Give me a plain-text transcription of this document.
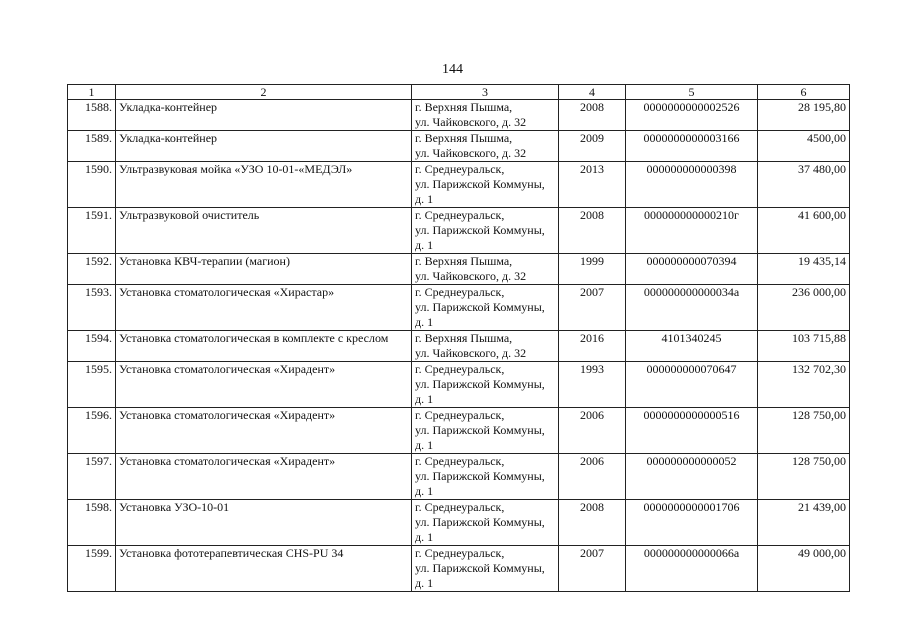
144
1	2	3	4	5	6
1588.	Укладка-контейнер	г. Верхняя Пышма,
ул. Чайковского, д. 32	2008	0000000000002526	28 195,80
1589.	Укладка-контейнер	г. Верхняя Пышма,
ул. Чайковского, д. 32	2009	0000000000003166	4500,00
1590.	Ультразвуковая мойка «УЗО 10-01-«МЕДЭЛ»	г. Среднеуральск,
ул. Парижской Коммуны,
д. 1	2013	000000000000398	37 480,00
1591.	Ультразвуковой очиститель	г. Среднеуральск,
ул. Парижской Коммуны,
д. 1	2008	000000000000210г	41 600,00
1592.	Установка КВЧ-терапии (магион)	г. Верхняя Пышма,
ул. Чайковского, д. 32	1999	000000000070394	19 435,14
1593.	Установка стоматологическая «Хирастар»	г. Среднеуральск,
ул. Парижской Коммуны,
д. 1	2007	000000000000034а	236 000,00
1594.	Установка стоматологическая в комплекте с креслом	г. Верхняя Пышма,
ул. Чайковского, д. 32	2016	4101340245	103 715,88
1595.	Установка стоматологическая «Хирадент»	г. Среднеуральск,
ул. Парижской Коммуны,
д. 1	1993	000000000070647	132 702,30
1596.	Установка стоматологическая «Хирадент»	г. Среднеуральск,
ул. Парижской Коммуны,
д. 1	2006	0000000000000516	128 750,00
1597.	Установка стоматологическая «Хирадент»	г. Среднеуральск,
ул. Парижской Коммуны,
д. 1	2006	000000000000052	128 750,00
1598.	Установка УЗО-10-01	г. Среднеуральск,
ул. Парижской Коммуны,
д. 1	2008	0000000000001706	21 439,00
1599.	Установка фототерапевтическая CHS-PU 34	г. Среднеуральск,
ул. Парижской Коммуны,
д. 1	2007	000000000000066а	49 000,00
